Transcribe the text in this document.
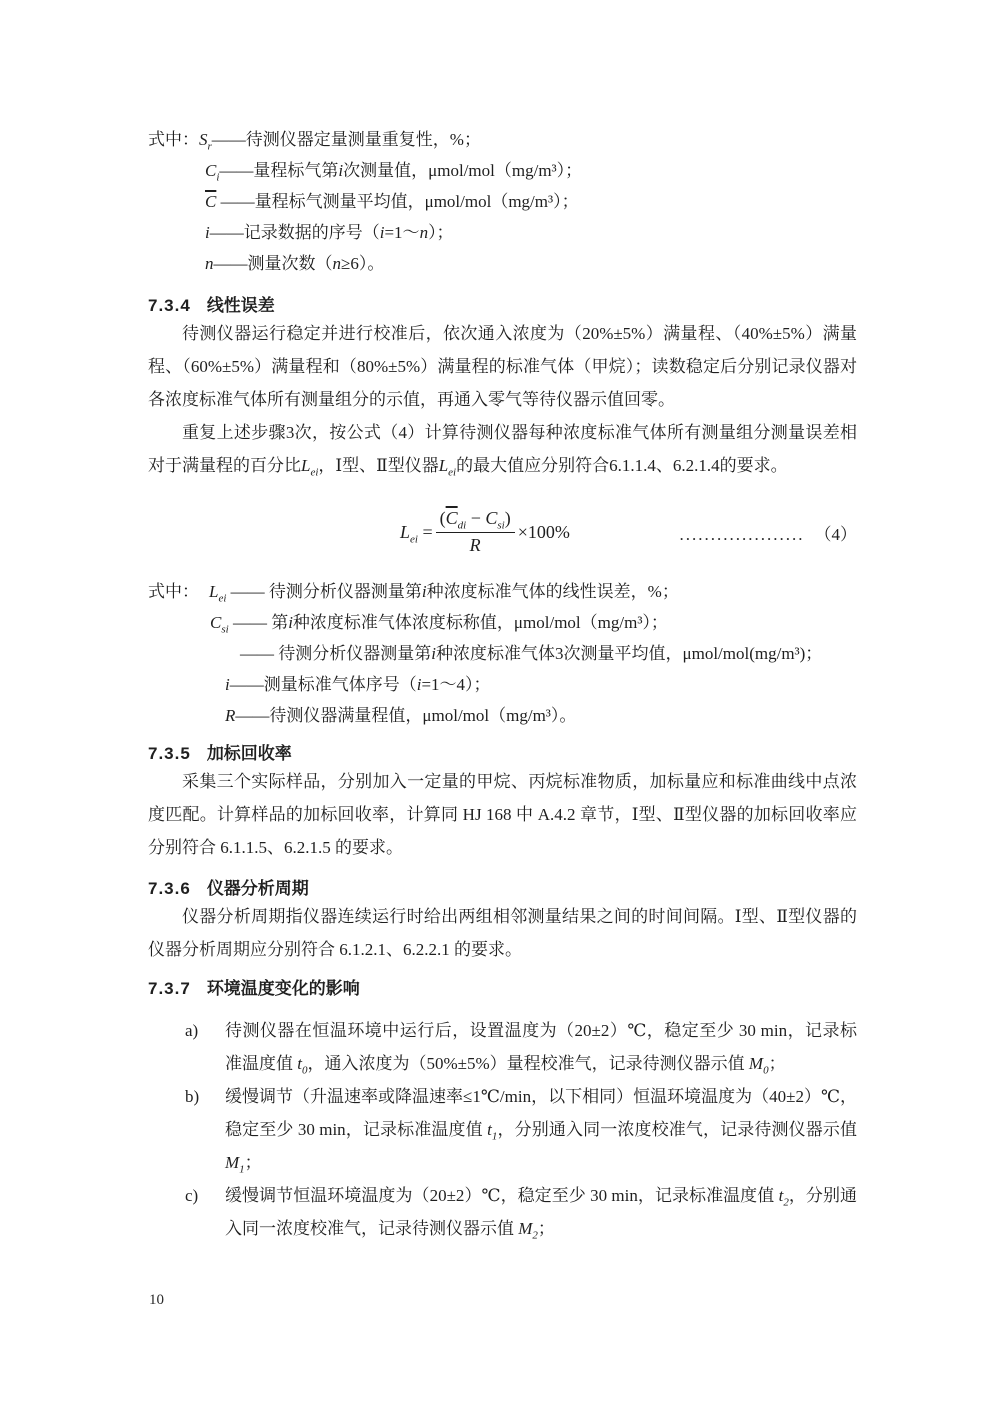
式中：$S_r——$待测仪器定量测量重复性，%；
$C_i——$量程标气第i次测量值，μmol/mol（mg/m³）；
$\overline{C}$ ——量程标气测量平均值，μmol/mol（mg/m³）；
i——记录数据的序号（i=1～n）；
n——测量次数（n≥6）。
7.3.4 线性误差

待测仪器运行稳定并进行校准后，依次通入浓度为（20%±5%）满量程、（40%±5%）满量程、（60%±5%）满量程和（80%±5%）满量程的标准气体（甲烷）；读数稳定后分别记录仪器对各浓度标准气体所有测量组分的示值，再通入零气等待仪器示值回零。

重复上述步骤3次，按公式（4）计算待测仪器每种浓度标准气体所有测量组分测量误差相对于满量程的百分比$L_{ei}$，Ⅰ型、Ⅱ型仪器$L_{ei}$的最大值应分别符合6.1.1.4、6.2.1.4的要求。

$L_{ei} = \frac{(\overline{C}_{di} - C_{si})}{R} \times 100\%$	.................... （4）
式中： $L_{ei}$ —— 待测分析仪器测量第i种浓度标准气体的线性误差，%；
$C_{si}$ —— 第i种浓度标准气体浓度标称值，μmol/mol（mg/m³）；
—— 待测分析仪器测量第i种浓度标准气体3次测量平均值，μmol/mol(mg/m³)；
i——测量标准气体序号（i=1～4）；
R——待测仪器满量程值，μmol/mol（mg/m³）。
7.3.5 加标回收率

采集三个实际样品，分别加入一定量的甲烷、丙烷标准物质，加标量应和标准曲线中点浓度匹配。计算样品的加标回收率，计算同 HJ 168 中 A.4.2 章节，Ⅰ型、Ⅱ型仪器的加标回收率应分别符合 6.1.1.5、6.2.1.5 的要求。

7.3.6 仪器分析周期

仪器分析周期指仪器连续运行时给出两组相邻测量结果之间的时间间隔。Ⅰ型、Ⅱ型仪器的仪器分析周期应分别符合 6.1.2.1、6.2.2.1 的要求。

7.3.7 环境温度变化的影响
a) 待测仪器在恒温环境中运行后，设置温度为（20±2）℃，稳定至少 30 min，记录标准温度值 $t_0$，通入浓度为（50%±5%）量程校准气，记录待测仪器示值 $M_0$；
b) 缓慢调节（升温速率或降温速率≤1℃/min，以下相同）恒温环境温度为（40±2）℃，稳定至少 30 min，记录标准温度值 $t_1$，分别通入同一浓度校准气，记录待测仪器示值 $M_1$；
c) 缓慢调节恒温环境温度为（20±2）℃，稳定至少 30 min，记录标准温度值 $t_2$，分别通入同一浓度校准气，记录待测仪器示值 $M_2$；
10
